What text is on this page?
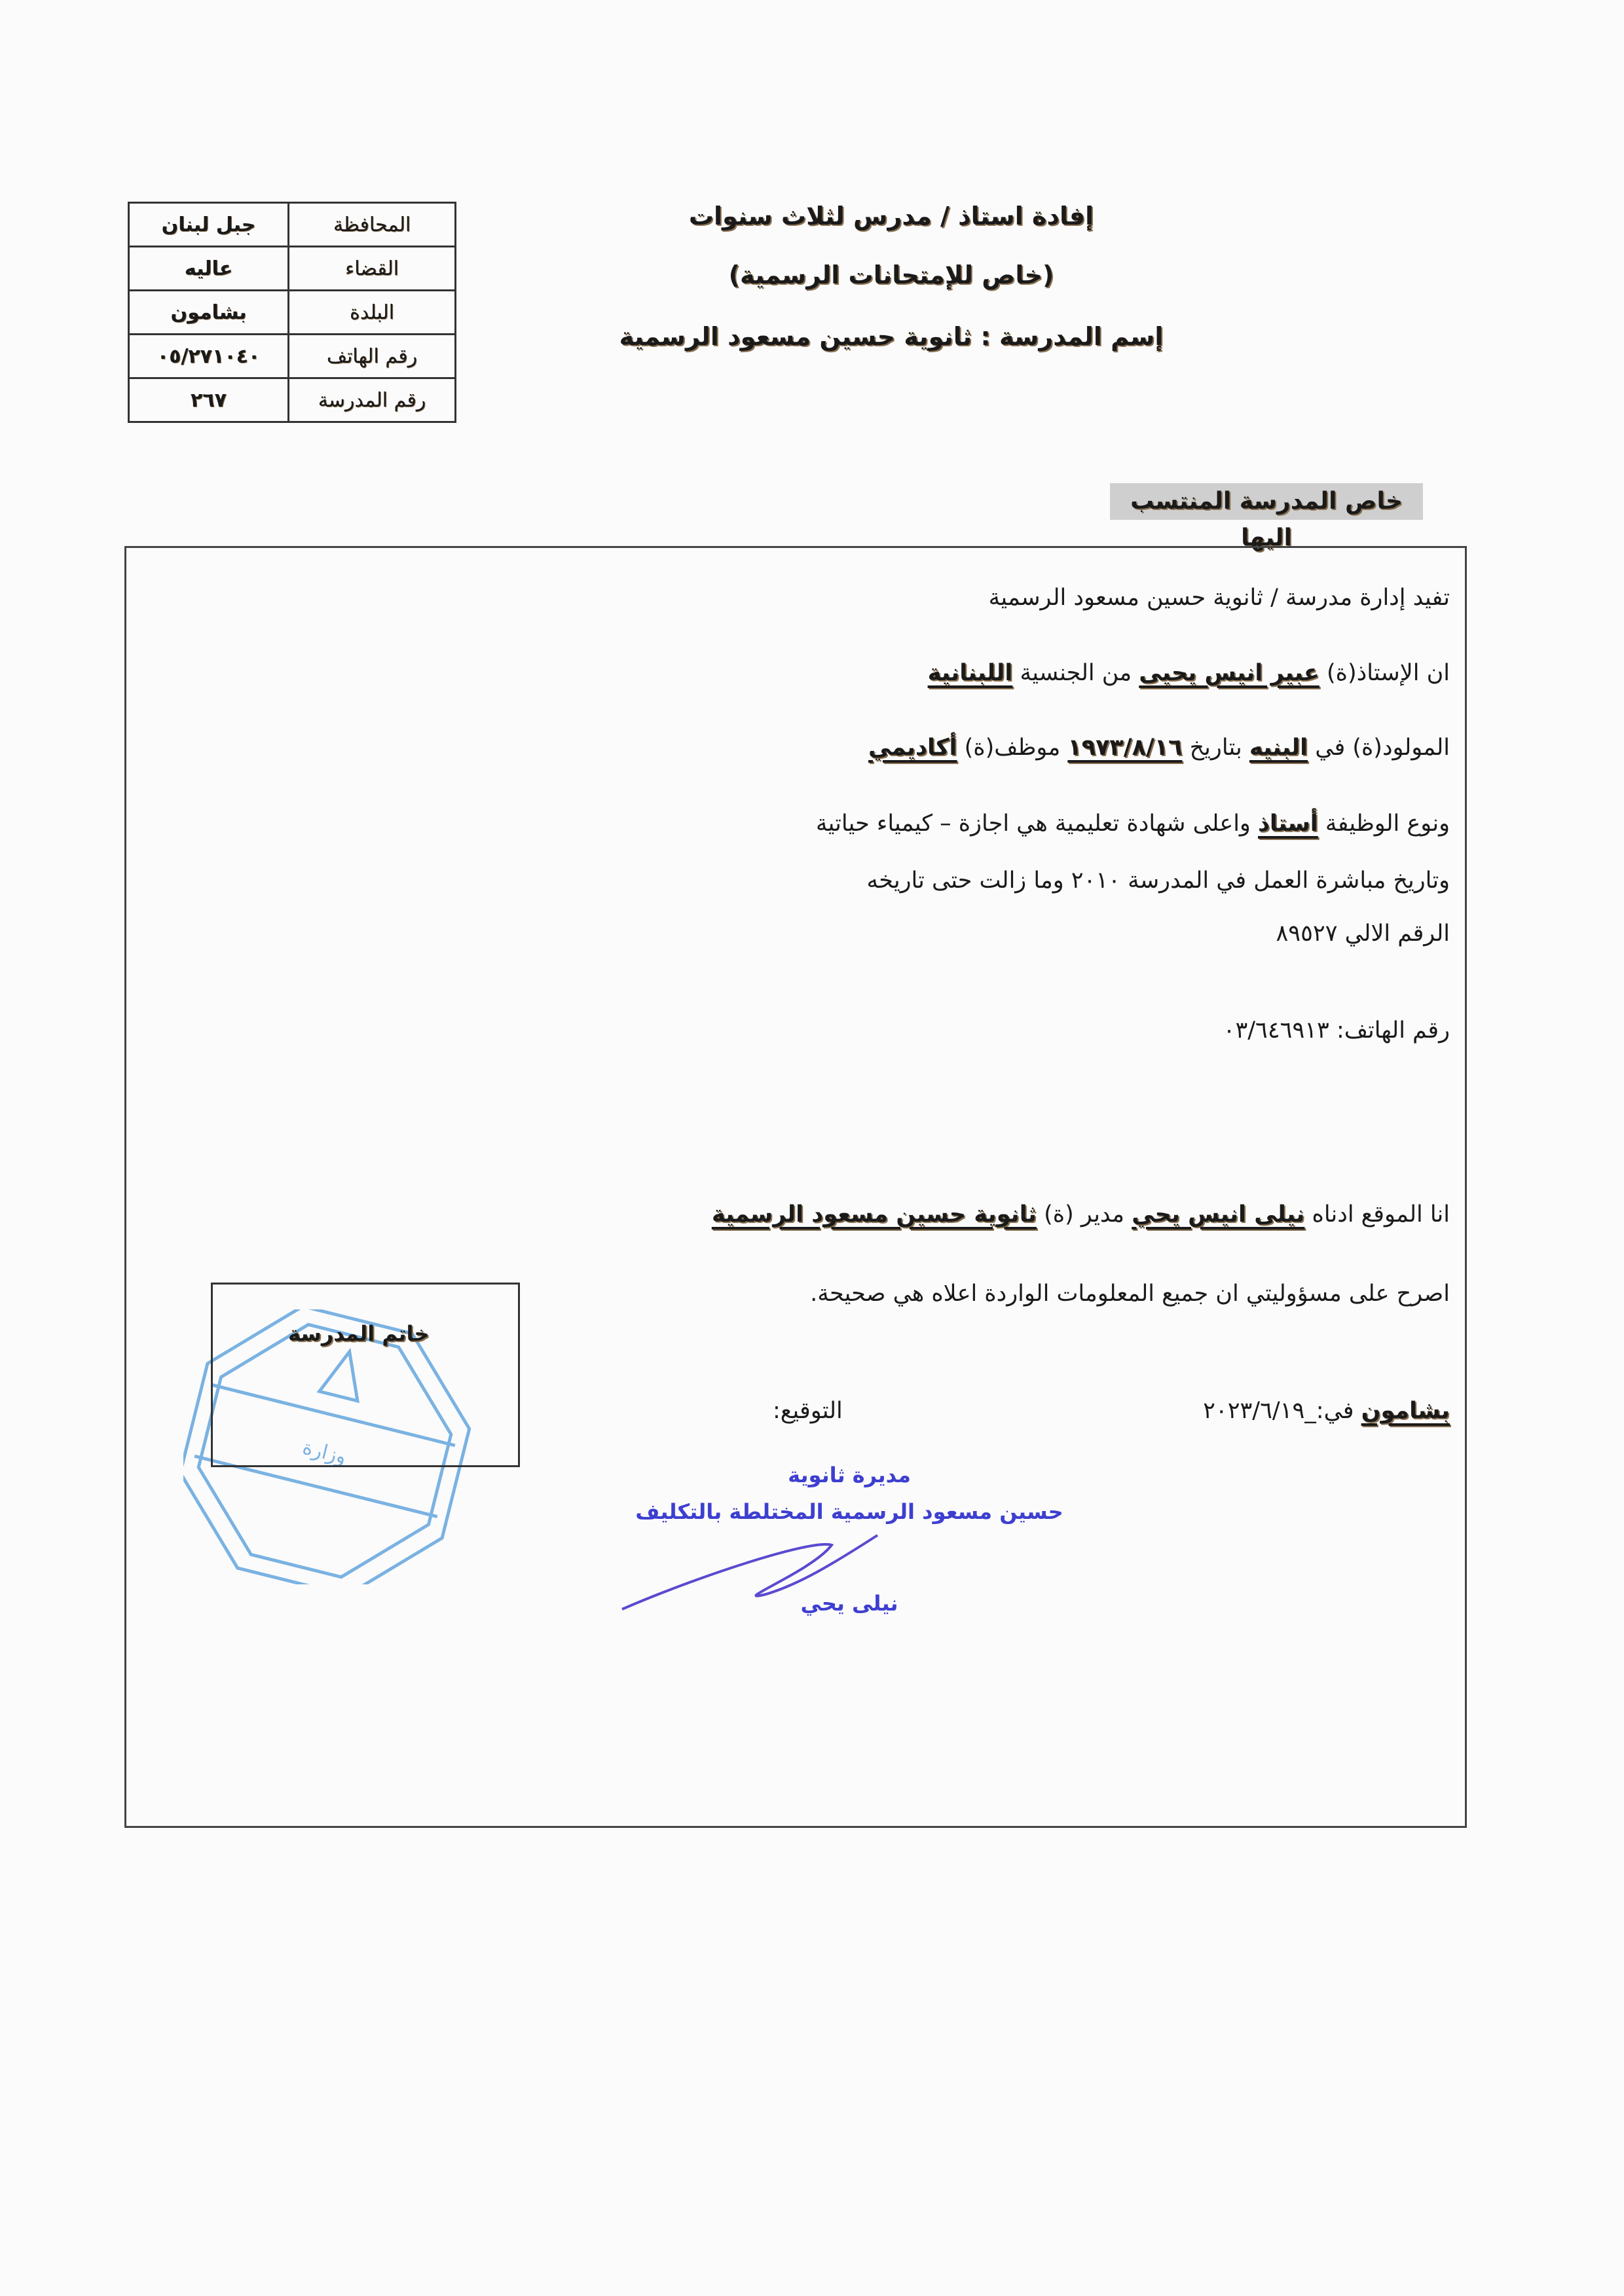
المحافظة	جبل لبنان
القضاء	عاليه
البلدة	بشامون
رقم الهاتف	٠٥/٢٧١٠٤٠
رقم المدرسة	٢٦٧
إفادة استاذ / مدرس لثلاث سنوات
(خاص للإمتحانات الرسمية)
إسم المدرسة : ثانوية حسين مسعود الرسمية
خاص المدرسة المنتسب اليها
تفيد إدارة مدرسة / ثانوية حسين مسعود الرسمية
ان الإستاذ(ة) عبير انيس يحيى من الجنسية اللبنانية
المولود(ة) في البنيه بتاريخ ١٩٧٣/٨/١٦ موظف(ة) أكاديمي
ونوع الوظيفة أستاذ واعلى شهادة تعليمية هي اجازة – كيمياء حياتية
وتاريخ مباشرة العمل في المدرسة ٢٠١٠ وما زالت حتى تاريخه
الرقم الالي ٨٩٥٢٧
رقم الهاتف: ٠٣/٦٤٦٩١٣
انا الموقع ادناه نيلى انيس يحي مدير (ة) ثانوية حسين مسعود الرسمية
اصرح على مسؤوليتي ان جميع المعلومات الواردة اعلاه هي صحيحة.
بشامون في:_٢٠٢٣/٦/١٩
التوقيع:
وزارة
خاتم المدرسة
مديرة ثانوية
حسين مسعود الرسمية المختلطة بالتكليف
نيلى يحي
